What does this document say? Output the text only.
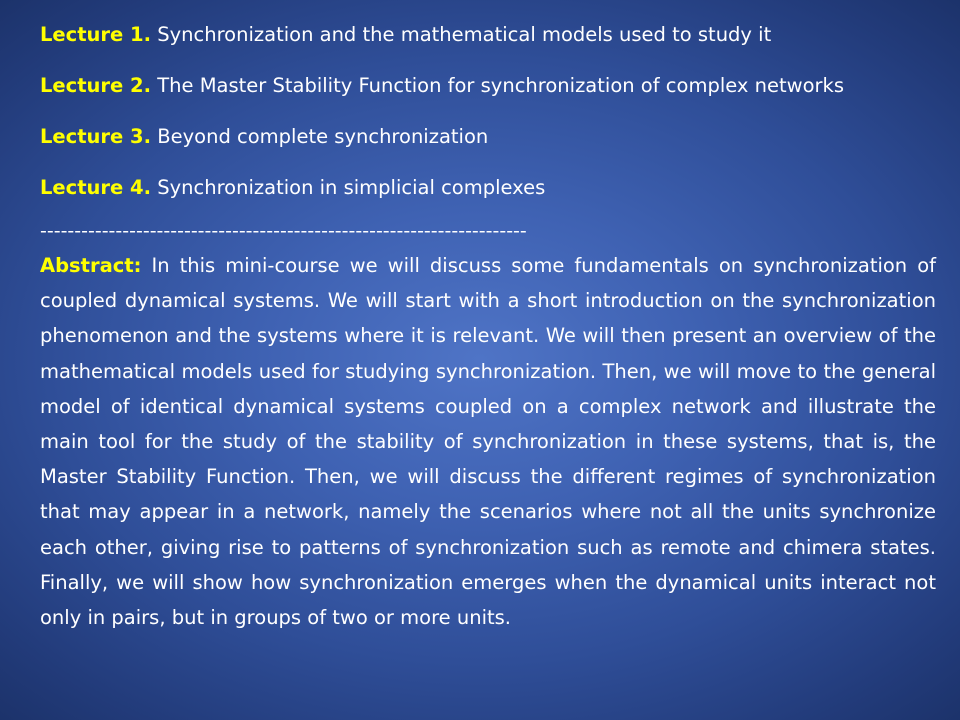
Lecture 1. Synchronization and the mathematical models used to study it

Lecture 2. The Master Stability Function for synchronization of complex networks

Lecture 3. Beyond complete synchronization

Lecture 4. Synchronization in simplicial complexes

-----------------------------------------------------------------------

Abstract: In this mini-course we will discuss some fundamentals on synchronization of coupled dynamical systems. We will start with a short introduction on the synchronization phenomenon and the systems where it is relevant. We will then present an overview of the mathematical models used for studying synchronization. Then, we will move to the general model of identical dynamical systems coupled on a complex network and illustrate the main tool for the study of the stability of synchronization in these systems, that is, the Master Stability Function. Then, we will discuss the different regimes of synchronization that may appear in a network, namely the scenarios where not all the units synchronize each other, giving rise to patterns of synchronization such as remote and chimera states. Finally, we will show how synchronization emerges when the dynamical units interact not only in pairs, but in groups of two or more units.
